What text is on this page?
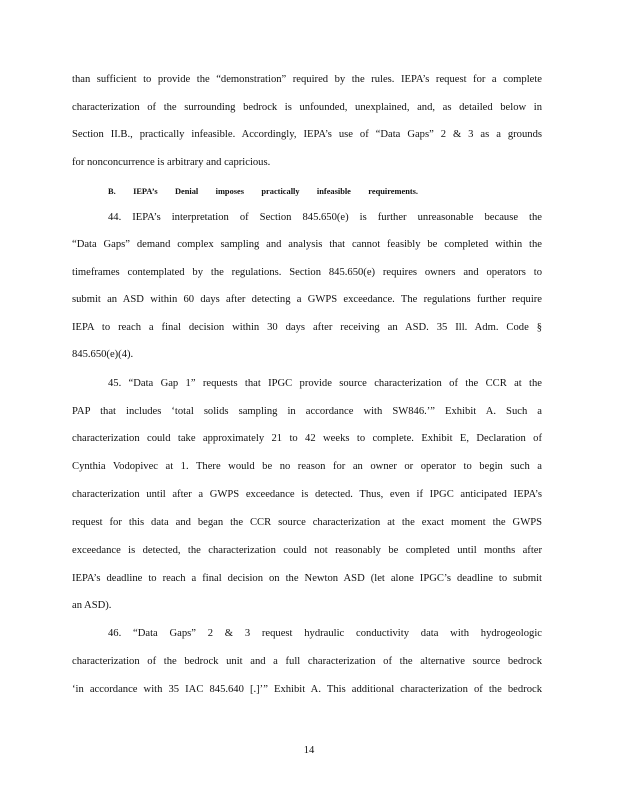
than sufficient to provide the “demonstration” required by the rules. IEPA’s request for a complete
characterization of the surrounding bedrock is unfounded, unexplained, and, as detailed below in
Section II.B., practically infeasible. Accordingly, IEPA’s use of “Data Gaps” 2 & 3 as a grounds
for nonconcurrence is arbitrary and capricious.
B. IEPA’s Denial imposes practically infeasible requirements.
44. IEPA’s interpretation of Section 845.650(e) is further unreasonable because the
“Data Gaps” demand complex sampling and analysis that cannot feasibly be completed within the
timeframes contemplated by the regulations. Section 845.650(e) requires owners and operators to
submit an ASD within 60 days after detecting a GWPS exceedance. The regulations further require
IEPA to reach a final decision within 30 days after receiving an ASD. 35 Ill. Adm. Code §
845.650(e)(4).
45. “Data Gap 1” requests that IPGC provide source characterization of the CCR at the
PAP that includes ‘total solids sampling in accordance with SW846.’” Exhibit A. Such a
characterization could take approximately 21 to 42 weeks to complete. Exhibit E, Declaration of
Cynthia Vodopivec at 1. There would be no reason for an owner or operator to begin such a
characterization until after a GWPS exceedance is detected. Thus, even if IPGC anticipated IEPA’s
request for this data and began the CCR source characterization at the exact moment the GWPS
exceedance is detected, the characterization could not reasonably be completed until months after
IEPA’s deadline to reach a final decision on the Newton ASD (let alone IPGC’s deadline to submit
an ASD).
46. “Data Gaps” 2 & 3 request hydraulic conductivity data with hydrogeologic
characterization of the bedrock unit and a full characterization of the alternative source bedrock
‘in accordance with 35 IAC 845.640 [.]’” Exhibit A. This additional characterization of the bedrock
14
